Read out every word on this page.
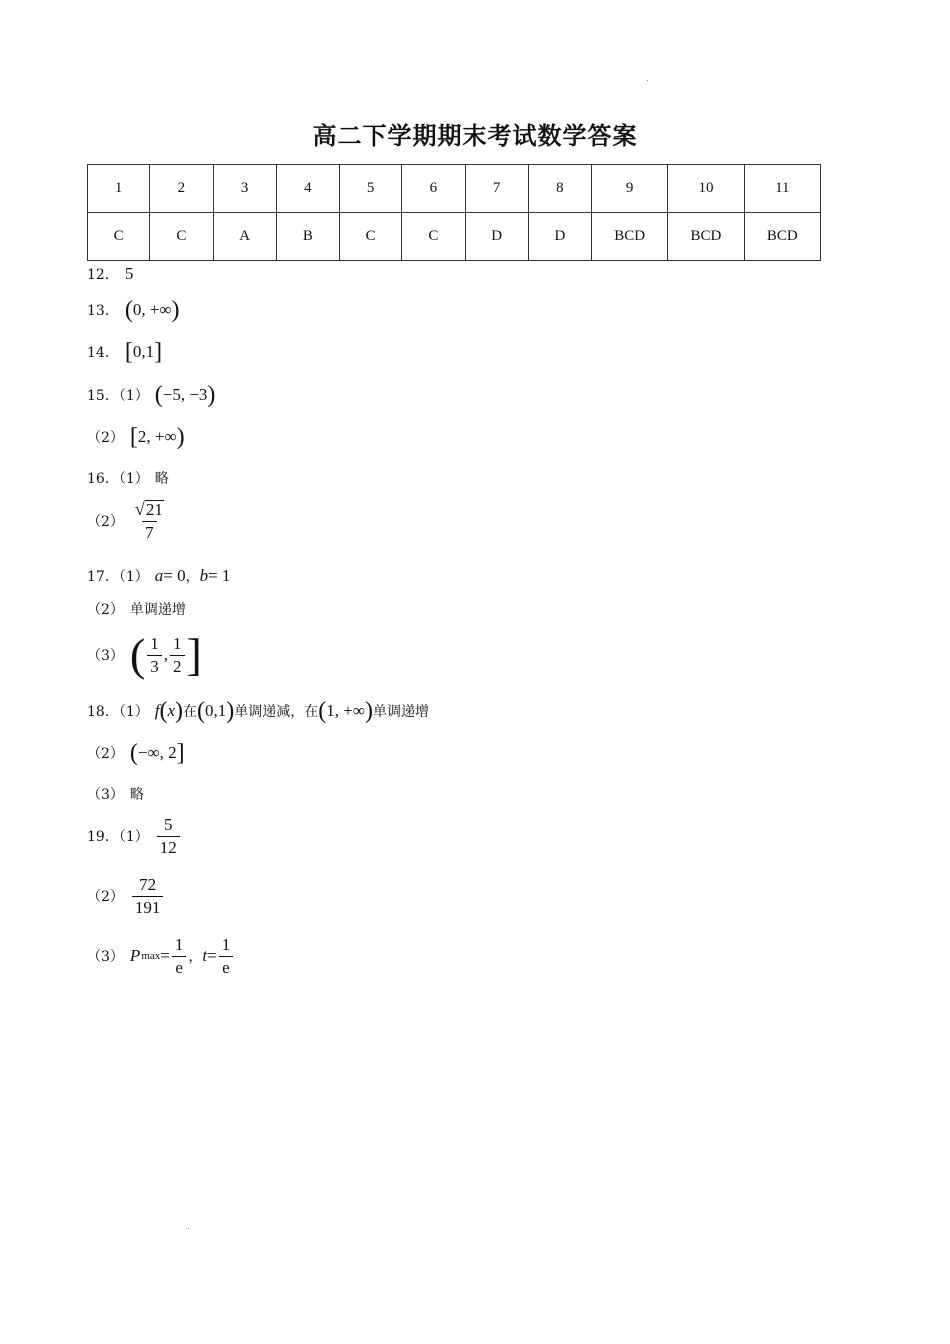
高二下学期期末考试数学答案
1	2	3	4	5	6	7	8	9	10	11
C	C	A	B	C	C	D	D	BCD	BCD	BCD
12． 5
13． ( 0, +∞ )
14． [ 0,1 ]
15．（1） ( −5, −3 )
（2） [ 2, +∞ )
16．（1） 略
$(2) \frac{√ 21}{7}$
17．（1） a = 0 ， b = 1
（2） 单调递增
（3） ( $\frac{1}{3}$ , $\frac{1}{2}$ ]
18．（1） f ( x ) 在 ( 0,1 ) 单调递减，在 ( 1, +∞ ) 单调递增
（2） ( −∞, 2 ]
（3） 略
19．$(1) \frac{5}{12}$
$(2) \frac{72}{191}$
（3） P $\max = \frac{1}{e}$ ， $t = \frac{1}{e}$
